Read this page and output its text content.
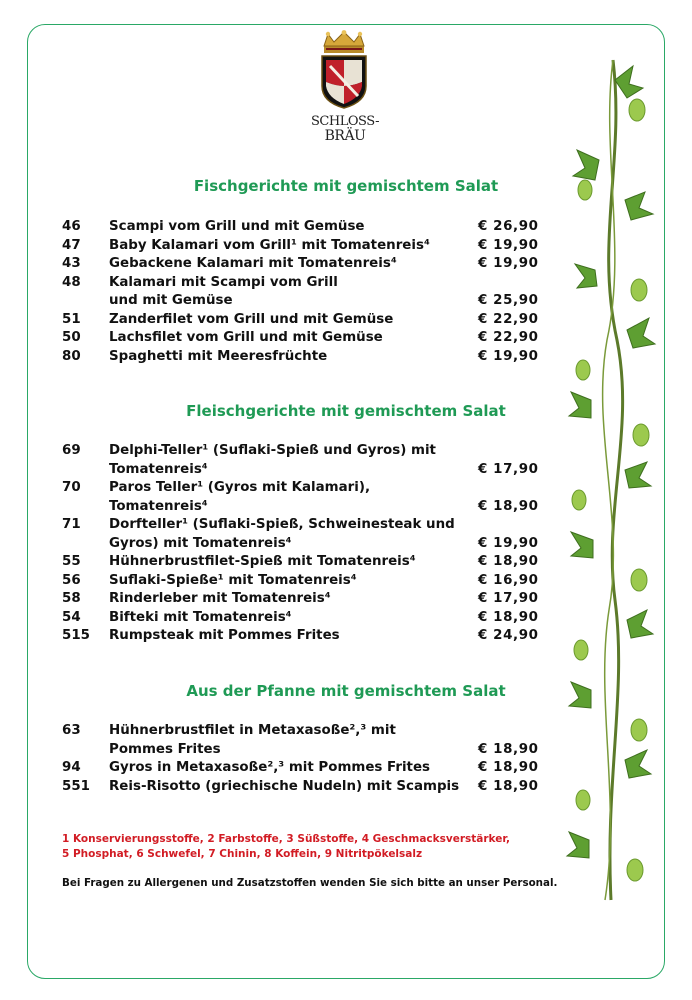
SCHLOSS-
BRÄU
Fischgerichte mit gemischtem Salat
46 Scampi vom Grill und mit Gemüse	€ 26,90
47 Baby Kalamari vom Grill¹ mit Tomatenreis⁴	€ 19,90
43 Gebackene Kalamari mit Tomatenreis⁴	€ 19,90
48 Kalamari mit Scampi vom Grill
und mit Gemüse	€ 25,90
51 Zanderfilet vom Grill und mit Gemüse	€ 22,90
50 Lachsfilet vom Grill und mit Gemüse	€ 22,90
80 Spaghetti mit Meeresfrüchte	€ 19,90
Fleischgerichte mit gemischtem Salat
69 Delphi-Teller¹ (Suflaki-Spieß und Gyros) mit
Tomatenreis⁴	€ 17,90
70 Paros Teller¹ (Gyros mit Kalamari),
Tomatenreis⁴	€ 18,90
71 Dorfteller¹ (Suflaki-Spieß, Schweinesteak und
Gyros) mit Tomatenreis⁴	€ 19,90
55 Hühnerbrustfilet-Spieß mit Tomatenreis⁴	€ 18,90
56 Suflaki-Spieße¹ mit Tomatenreis⁴	€ 16,90
58 Rinderleber mit Tomatenreis⁴	€ 17,90
54 Bifteki mit Tomatenreis⁴	€ 18,90
515 Rumpsteak mit Pommes Frites	€ 24,90
Aus der Pfanne mit gemischtem Salat
63 Hühnerbrustfilet in Metaxasoße²,³ mit
Pommes Frites	€ 18,90
94 Gyros in Metaxasoße²,³ mit Pommes Frites	€ 18,90
551 Reis-Risotto (griechische Nudeln) mit Scampis € 18,90
1 Konservierungsstoffe, 2 Farbstoffe, 3 Süßstoffe, 4 Geschmacksverstärker,
5 Phosphat, 6 Schwefel, 7 Chinin, 8 Koffein, 9 Nitritpökelsalz
Bei Fragen zu Allergenen und Zusatzstoffen wenden Sie sich bitte an unser Personal.
